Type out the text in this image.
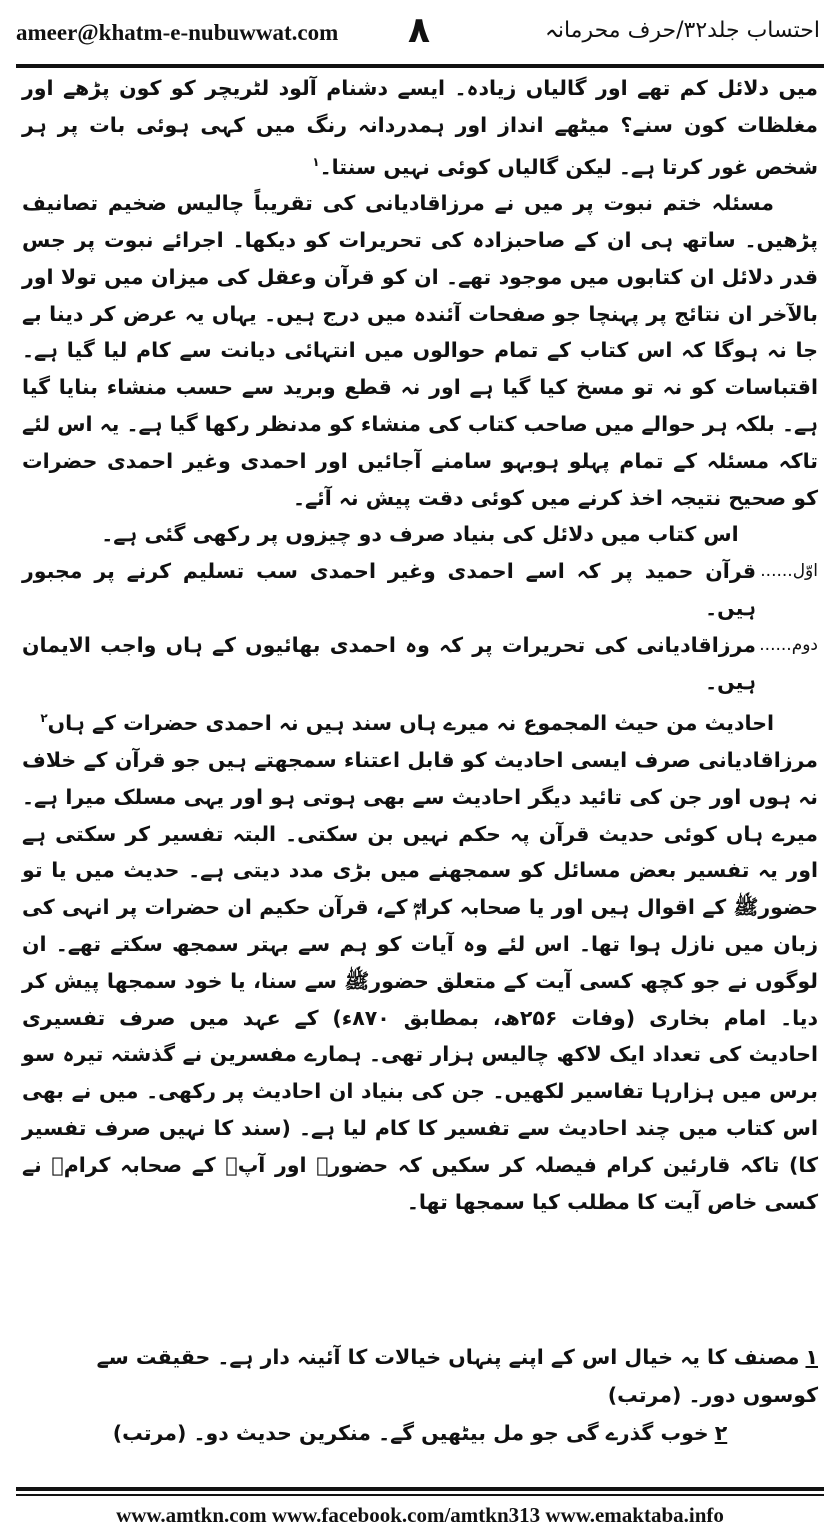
ameer@khatm-e-nubuwwat.com ۸	احتساب جلد۳۲/حرف محرمانہ

میں دلائل کم تھے اور گالیاں زیادہ۔ ایسے دشنام آلود لٹریچر کو کون پڑھے اور مغلظات کون سنے؟ میٹھے انداز اور ہمدردانہ رنگ میں کہی ہوئی بات پر ہر شخص غور کرتا ہے۔ لیکن گالیاں کوئی نہیں سنتا۔$^۱$

مسئلہ ختم نبوت پر میں نے مرزاقادیانی کی تقریباً چالیس ضخیم تصانیف پڑھیں۔ ساتھ ہی ان کے صاحبزادہ کی تحریرات کو دیکھا۔ اجرائے نبوت پر جس قدر دلائل ان کتابوں میں موجود تھے۔ ان کو قرآن وعقل کی میزان میں تولا اور بالآخر ان نتائج پر پہنچا جو صفحات آئندہ میں درج ہیں۔ یہاں یہ عرض کر دینا بے جا نہ ہوگا کہ اس کتاب کے تمام حوالوں میں انتہائی دیانت سے کام لیا گیا ہے۔ اقتباسات کو نہ تو مسخ کیا گیا ہے اور نہ قطع وبرید سے حسب منشاء بنایا گیا ہے۔ بلکہ ہر حوالے میں صاحب کتاب کی منشاء کو مدنظر رکھا گیا ہے۔ یہ اس لئے تاکہ مسئلہ کے تمام پہلو ہوبہو سامنے آجائیں اور احمدی وغیر احمدی حضرات کو صحیح نتیجہ اخذ کرنے میں کوئی دقت پیش نہ آئے۔

اس کتاب میں دلائل کی بنیاد صرف دو چیزوں پر رکھی گئی ہے۔

اوّل......
قرآن حمید پر کہ اسے احمدی وغیر احمدی سب تسلیم کرنے پر مجبور ہیں۔
دوم......
مرزاقادیانی کی تحریرات پر کہ وہ احمدی بھائیوں کے ہاں واجب الایمان ہیں۔

احادیث من حیث المجموع نہ میرے ہاں سند ہیں نہ احمدی حضرات کے ہاں$^۲$

مرزاقادیانی صرف ایسی احادیث کو قابل اعتناء سمجھتے ہیں جو قرآن کے خلاف نہ ہوں اور جن کی تائید دیگر احادیث سے بھی ہوتی ہو اور یہی مسلک میرا ہے۔ میرے ہاں کوئی حدیث قرآن پہ حکم نہیں بن سکتی۔ البتہ تفسیر کر سکتی ہے اور یہ تفسیر بعض مسائل کو سمجھنے میں بڑی مدد دیتی ہے۔ حدیث میں یا تو حضورﷺ کے اقوال ہیں اور یا صحابہ کرامؓ کے، قرآن حکیم ان حضرات پر انہی کی زبان میں نازل ہوا تھا۔ اس لئے وہ آیات کو ہم سے بہتر سمجھ سکتے تھے۔ ان لوگوں نے جو کچھ کسی آیت کے متعلق حضورﷺ سے سنا، یا خود سمجھا پیش کر دیا۔ امام بخاری (وفات ۲۵۶ھ، بمطابق ۸۷۰ء) کے عہد میں صرف تفسیری احادیث کی تعداد ایک لاکھ چالیس ہزار تھی۔ ہمارے مفسرین نے گذشتہ تیرہ سو برس میں ہزارہا تفاسیر لکھیں۔ جن کی بنیاد ان احادیث پر رکھی۔ میں نے بھی اس کتاب میں چند احادیث سے تفسیر کا کام لیا ہے۔ (سند کا نہیں صرف تفسیر کا) تاکہ قارئین کرام فیصلہ کر سکیں کہ حضورﷺ اور آپؐ کے صحابہ کرامؓ نے کسی خاص آیت کا مطلب کیا سمجھا تھا۔

۱مصنف کا یہ خیال اس کے اپنے پنہاں خیالات کا آئینہ دار ہے۔ حقیقت سے کوسوں دور۔ (مرتب)

۲خوب گذرے گی جو مل بیٹھیں گے۔ منکرین حدیث دو۔ (مرتب)

www.amtkn.com www.facebook.com/amtkn313 www.emaktaba.info
